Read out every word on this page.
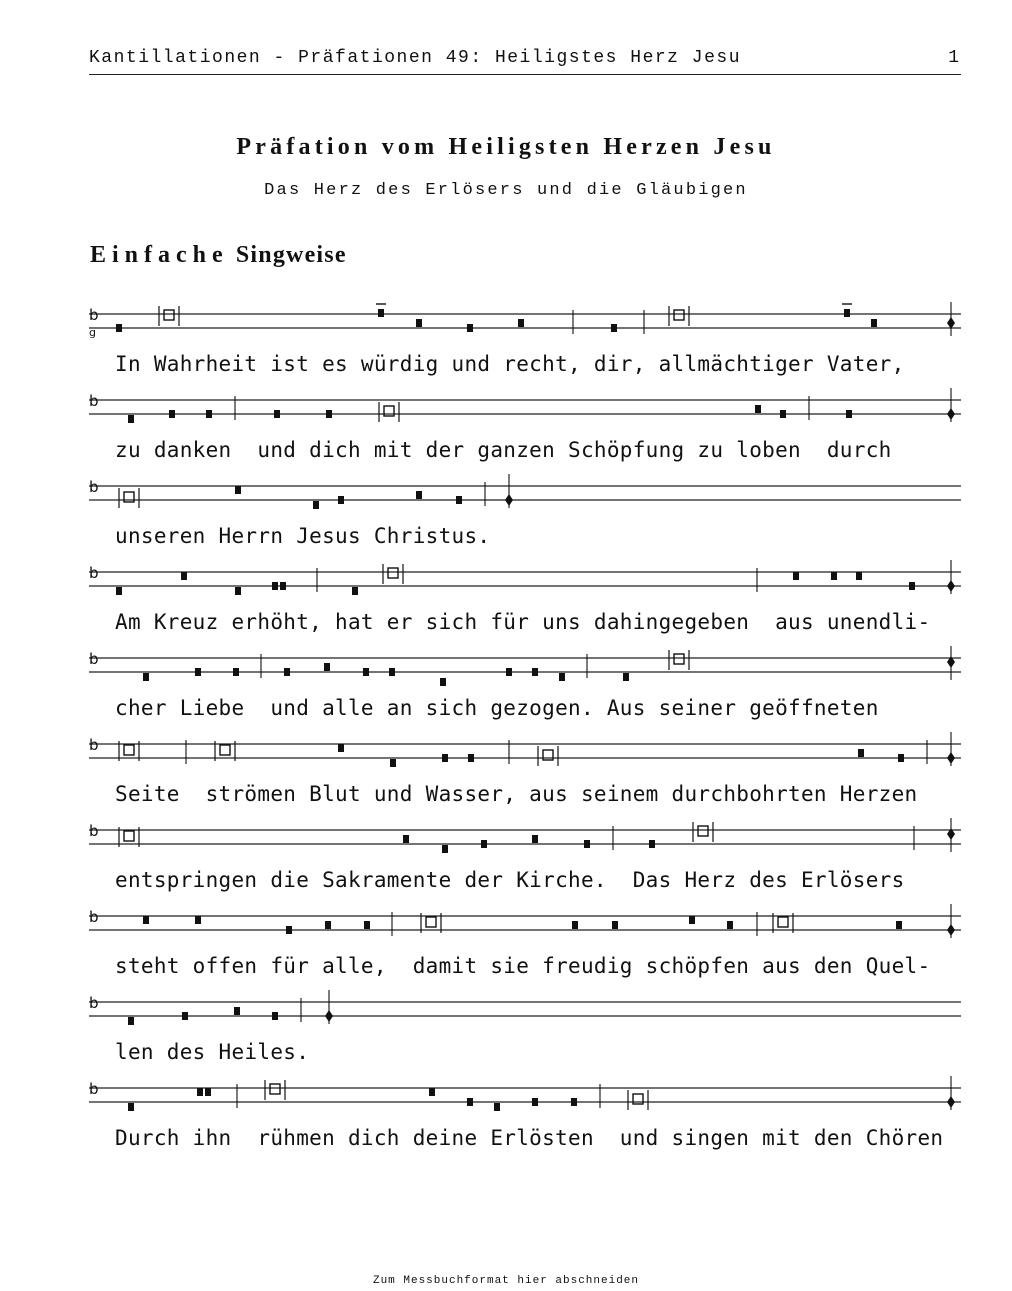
Kantillationen - Präfationen 49: Heiligstes Herz Jesu	1
Präfation vom Heiligsten Herzen Jesu
Das Herz des Erlösers und die Gläubigen
Einfache Singweise
b
g
In Wahrheit ist es würdig und recht, dir, allmächtiger Vater,
b
zu danken  und dich mit der ganzen Schöpfung zu loben  durch
b
unseren Herrn Jesus Christus.
b
Am Kreuz erhöht, hat er sich für uns dahingegeben  aus unendli-
b
cher Liebe  und alle an sich gezogen. Aus seiner geöffneten
b
Seite  strömen Blut und Wasser, aus seinem durchbohrten Herzen
b
entspringen die Sakramente der Kirche.  Das Herz des Erlösers
b
steht offen für alle,  damit sie freudig schöpfen aus den Quel-
b
len des Heiles.
b
Durch ihn  rühmen dich deine Erlösten  und singen mit den Chören
Zum Messbuchformat hier abschneiden
